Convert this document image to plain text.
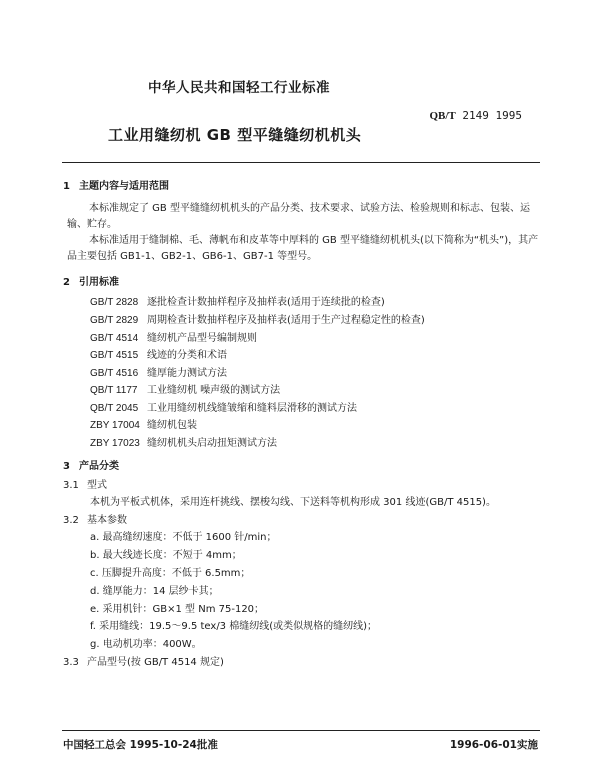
中华人民共和国轻工行业标准
QB/T 2149 1995
工业用缝纫机 GB 型平缝缝纫机机头
1 主题内容与适用范围

本标准规定了 GB 型平缝缝纫机机头的产品分类、技术要求、试验方法、检验规则和标志、包装、运输、贮存。

本标准适用于缝制棉、毛、薄帆布和皮革等中厚料的 GB 型平缝缝纫机机头(以下简称为“机头”)，其产品主要包括 GB1-1、GB2-1、GB6-1、GB7-1 等型号。

2 引用标准
GB/T 2828 逐批检查计数抽样程序及抽样表(适用于连续批的检查)
GB/T 2829 周期检查计数抽样程序及抽样表(适用于生产过程稳定性的检查)
GB/T 4514 缝纫机产品型号编制规则
GB/T 4515 线迹的分类和术语
GB/T 4516 缝厚能力测试方法
QB/T 1177 工业缝纫机 噪声级的测试方法
QB/T 2045 工业用缝纫机线缝皱缩和缝料层滑移的测试方法
ZBY 17004 缝纫机包装
ZBY 17023 缝纫机机头启动扭矩测试方法
3 产品分类
3.1 型式
本机为平板式机体，采用连杆挑线、摆梭勾线、下送料等机构形成 301 线迹(GB/T 4515)。
3.2 基本参数
a. 最高缝纫速度：不低于 1600 针/min；
b. 最大线迹长度：不短于 4mm；
c. 压脚提升高度：不低于 6.5mm；
d. 缝厚能力：14 层纱卡其；
e. 采用机针：GB×1 型 Nm 75-120；
f. 采用缝线：19.5～9.5 tex/3 棉缝纫线(或类似规格的缝纫线)；
g. 电动机功率：400W。
3.3 产品型号(按 GB/T 4514 规定)
中国轻工总会 1995-10-24批准	1996-06-01实施
